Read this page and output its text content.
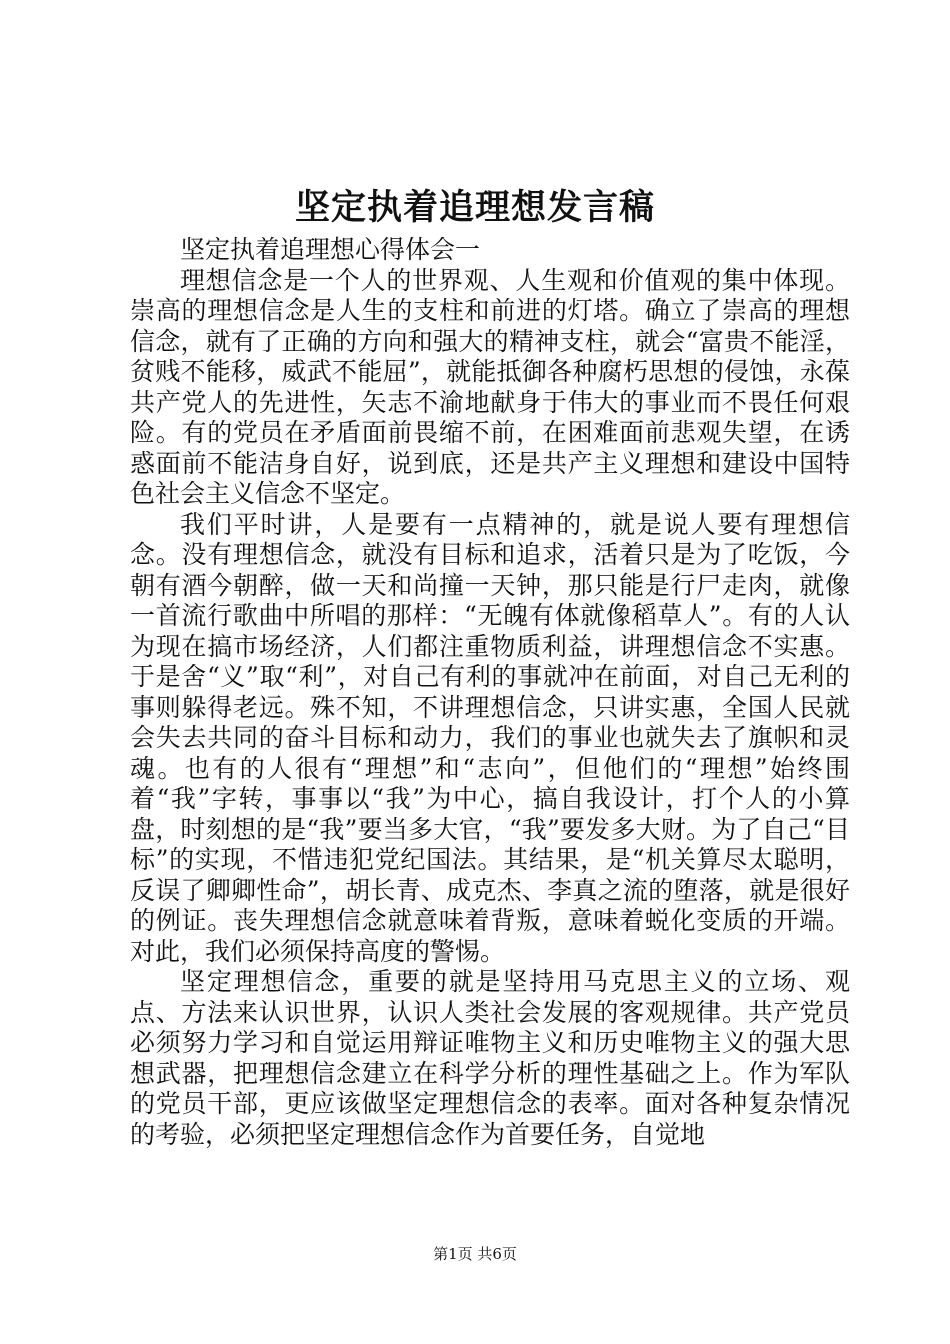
坚定执着追理想发言稿

坚定执着追理想心得体会一

理想信念是一个人的世界观、人生观和价值观的集中体现。崇高的理想信念是人生的支柱和前进的灯塔。确立了崇高的理想信念，就有了正确的方向和强大的精神支柱，就会“富贵不能淫，贫贱不能移，威武不能屈”，就能抵御各种腐朽思想的侵蚀，永葆共产党人的先进性，矢志不渝地献身于伟大的事业而不畏任何艰险。有的党员在矛盾面前畏缩不前，在困难面前悲观失望，在诱惑面前不能洁身自好，说到底，还是共产主义理想和建设中国特色社会主义信念不坚定。

我们平时讲，人是要有一点精神的，就是说人要有理想信念。没有理想信念，就没有目标和追求，活着只是为了吃饭，今朝有酒今朝醉，做一天和尚撞一天钟，那只能是行尸走肉，就像一首流行歌曲中所唱的那样：“无魄有体就像稻草人”。有的人认为现在搞市场经济，人们都注重物质利益，讲理想信念不实惠。于是舍“义”取“利”，对自己有利的事就冲在前面，对自己无利的事则躲得老远。殊不知，不讲理想信念，只讲实惠，全国人民就会失去共同的奋斗目标和动力，我们的事业也就失去了旗帜和灵魂。也有的人很有“理想”和“志向”，但他们的“理想”始终围着“我”字转，事事以“我”为中心，搞自我设计，打个人的小算盘，时刻想的是“我”要当多大官，“我”要发多大财。为了自己“目标”的实现，不惜违犯党纪国法。其结果，是“机关算尽太聪明，反误了卿卿性命”，胡长青、成克杰、李真之流的堕落，就是很好的例证。丧失理想信念就意味着背叛，意味着蜕化变质的开端。对此，我们必须保持高度的警惕。

坚定理想信念，重要的就是坚持用马克思主义的立场、观点、方法来认识世界，认识人类社会发展的客观规律。共产党员必须努力学习和自觉运用辩证唯物主义和历史唯物主义的强大思想武器，把理想信念建立在科学分析的理性基础之上。作为军队的党员干部，更应该做坚定理想信念的表率。面对各种复杂情况的考验，必须把坚定理想信念作为首要任务，自觉地

第1页 共6页
